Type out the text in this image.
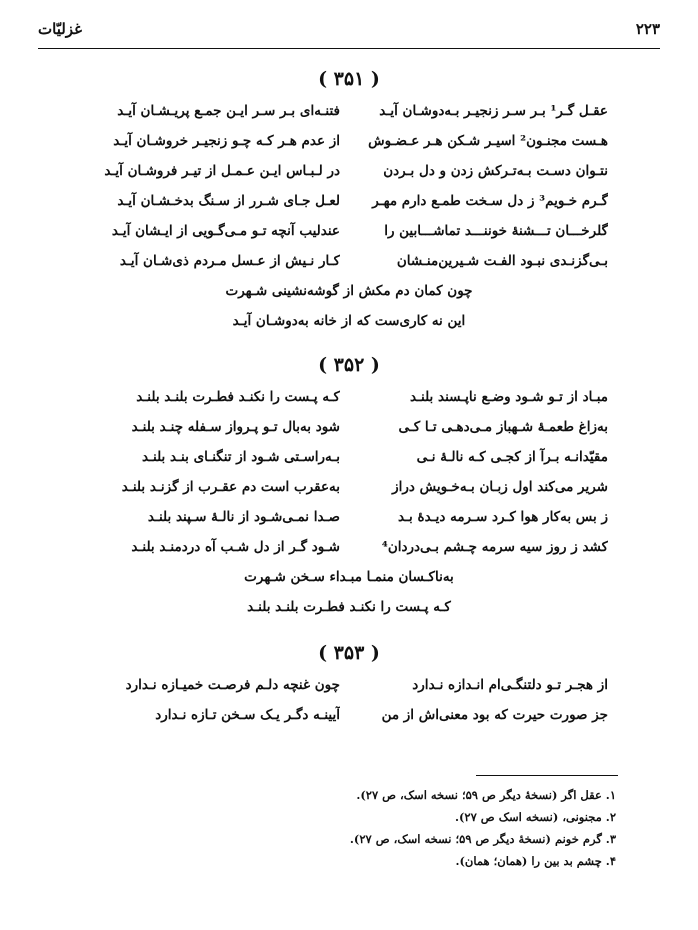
۲۲۳
غزلیّات
( ۳۵۱ )
عقـل گـر¹ بـر سـر زنجیـر بـه‌دوشـان آیـد
فتنـه‌ای بـر سـر ایـن جمـع پریـشـان آیـد
هـست مجنـون² اسیـر شـکن هـر عـضـوش
از عدم هـر کـه چـو زنجیـر خروشـان آیـد
نتـوان دسـت بـه‌تـرکش زدن و دل بـردن
در لـبـاس ایـن عـمـل از تیـر فروشـان آیـد
گـرم خـویم³ ز دل سـخت طمـع دارم مهـر
لعـل جـای شـرر از سـنگ بدخـشـان آیـد
گلرخـــان تـــشنهٔ خوننـــد تماشـــابین را
عندلیب آنچه تـو مـی‌گـویی از ایـشان آیـد
بـی‌گزنـدی نبـود الفـت شـیرین‌منـشان
کـار نـیش از عـسل مـردم ذی‌شـان آیـد
چون کمان دم مکش از گوشه‌نشینی شـهرت
این نه کاری‌ست که از خانه به‌دوشـان آیـد
( ۳۵۲ )
مبـاد از تـو شـود وضـع ناپـسند بلنـد
کـه پـست را نکنـد فطـرت بلنـد بلنـد
به‌زاغ طعمـهٔ شـهباز مـی‌دهـی تـا کـی
شود به‌بال تـو پـرواز سـفله چنـد بلنـد
مقیّدانـه بـرآ از کجـی کـه نالـهٔ نـی
بـه‌راسـتی شـود از تنگنـای بنـد بلنـد
شریر می‌کند اول زبـان بـه‌خـویش دراز
به‌عقرب است دم عقـرب از گزنـد بلنـد
ز بس به‌کار هوا کـرد سـرمه دیـدهٔ بـد
صـدا نمـی‌شـود از نالـهٔ سـپند بلنـد
کشد ز روز سیه سرمه چـشم بـی‌دردان⁴
شـود گـر از دل شـب آه دردمنـد بلنـد
به‌ناکـسان منمـا مبـداء سـخن شـهرت
کـه پـست را نکنـد فطـرت بلنـد بلنـد
( ۳۵۳ )
از هجـر تـو دلتنگـی‌ام انـدازه نـدارد
چون غنچه دلـم فرصـت خمیـازه نـدارد
جز صورت حیرت که بود معنی‌اش از من
آیینـه دگـر یـک سـخن تـازه نـدارد
۱. عقل اگر (نسخهٔ دیگر ص ۵۹؛ نسخه اسک، ص ۲۷).
۲. مجنونی، (نسخه اسک ص ۲۷).
۳. گرم خونم (نسخهٔ دیگر ص ۵۹؛ نسخه اسک، ص ۲۷).
۴. چشم بد بین را (همان؛ همان).
